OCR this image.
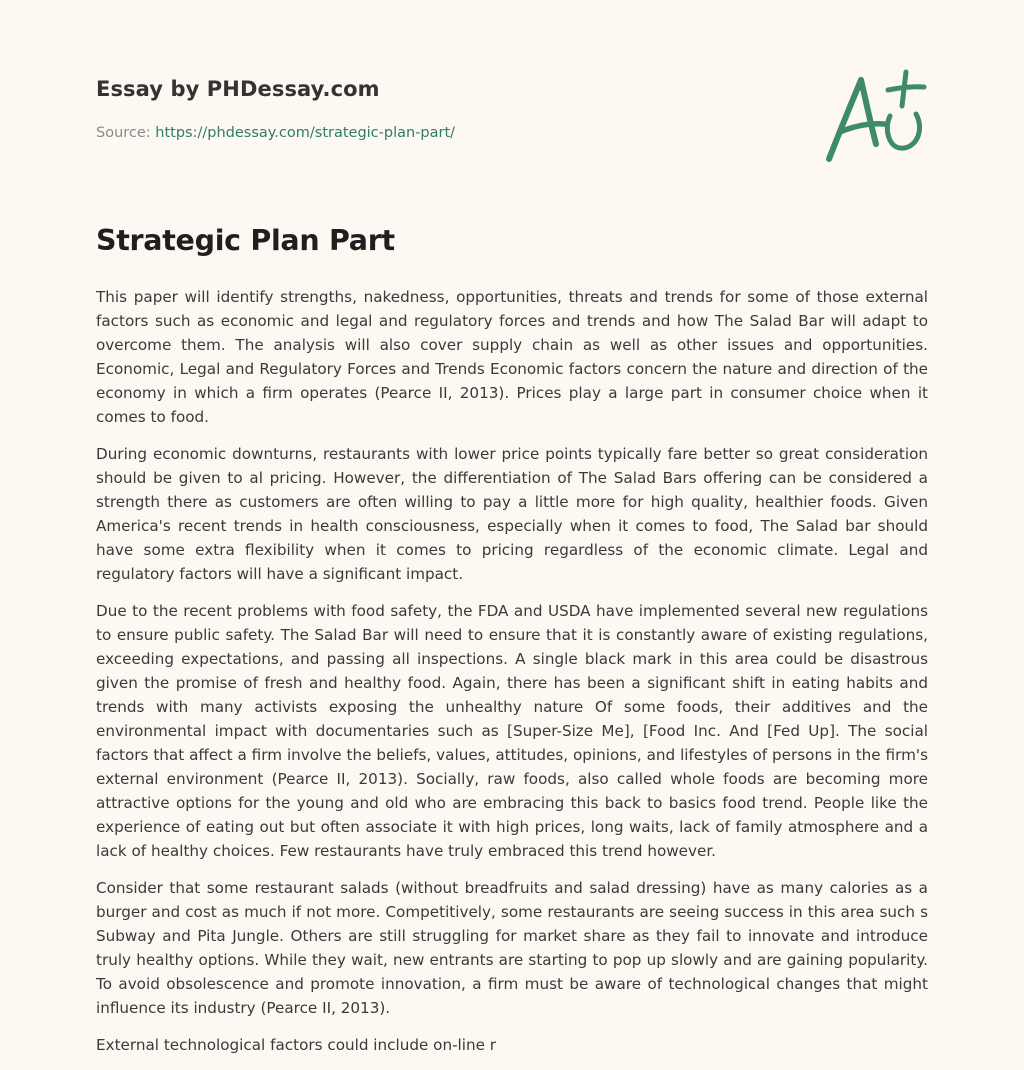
Essay by PHDessay.com
Source: https://phdessay.com/strategic-plan-part/
Strategic Plan Part

This paper will identify strengths, nakedness, opportunities, threats and trends for some of those external factors such as economic and legal and regulatory forces and trends and how The Salad Bar will adapt to overcome them. The analysis will also cover supply chain as well as other issues and opportunities. Economic, Legal and Regulatory Forces and Trends Economic factors concern the nature and direction of the economy in which a firm operates (Pearce II, 2013). Prices play a large part in consumer choice when it comes to food.

During economic downturns, restaurants with lower price points typically fare better so great consideration should be given to al pricing. However, the differentiation of The Salad Bars offering can be considered a strength there as customers are often willing to pay a little more for high quality, healthier foods. Given America's recent trends in health consciousness, especially when it comes to food, The Salad bar should have some extra flexibility when it comes to pricing regardless of the economic climate. Legal and regulatory factors will have a significant impact.

Due to the recent problems with food safety, the FDA and USDA have implemented several new regulations to ensure public safety. The Salad Bar will need to ensure that it is constantly aware of existing regulations, exceeding expectations, and passing all inspections. A single black mark in this area could be disastrous given the promise of fresh and healthy food. Again, there has been a significant shift in eating habits and trends with many activists exposing the unhealthy nature Of some foods, their additives and the environmental impact with documentaries such as [Super-Size Me], [Food Inc. And [Fed Up]. The social factors that affect a firm involve the beliefs, values, attitudes, opinions, and lifestyles of persons in the firm's external environment (Pearce II, 2013). Socially, raw foods, also called whole foods are becoming more attractive options for the young and old who are embracing this back to basics food trend. People like the experience of eating out but often associate it with high prices, long waits, lack of family atmosphere and a lack of healthy choices. Few restaurants have truly embraced this trend however.

Consider that some restaurant salads (without breadfruits and salad dressing) have as many calories as a burger and cost as much if not more. Competitively, some restaurants are seeing success in this area such s Subway and Pita Jungle. Others are still struggling for market share as they fail to innovate and introduce truly healthy options. While they wait, new entrants are starting to pop up slowly and are gaining popularity. To avoid obsolescence and promote innovation, a firm must be aware of technological changes that might influence its industry (Pearce II, 2013).

External technological factors could include on-line r
